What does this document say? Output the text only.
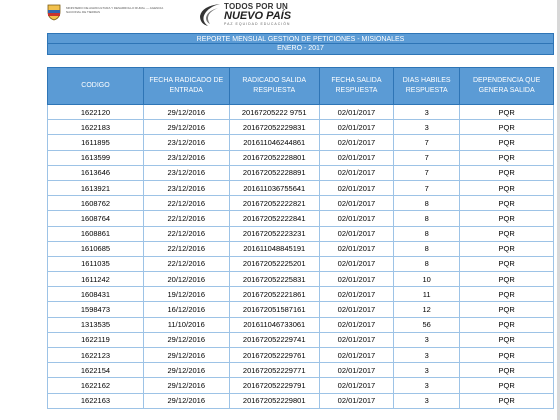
MINISTERIO DE AGRICULTURA Y DESARROLLO RURAL — AGENCIA NACIONAL DE TIERRAS
TODOS POR UN
NUEVO PAÍS
PAZ EQUIDAD EDUCACIÓN
REPORTE MENSUAL GESTION DE PETICIONES - MISIONALES
ENERO - 2017
CODIGO	FECHA RADICADO DE ENTRADA	RADICADO SALIDA RESPUESTA	FECHA SALIDA RESPUESTA	DIAS HABILES RESPUESTA	DEPENDENCIA QUE GENERA SALIDA
1622120	29/12/2016	20167205222 9751	02/01/2017	3	PQR
1622183	29/12/2016	201672052229831	02/01/2017	3	PQR
1611895	23/12/2016	201611046244861	02/01/2017	7	PQR
1613599	23/12/2016	201672052228801	02/01/2017	7	PQR
1613646	23/12/2016	201672052228891	02/01/2017	7	PQR
1613921	23/12/2016	201611036755641	02/01/2017	7	PQR
1608762	22/12/2016	201672052222821	02/01/2017	8	PQR
1608764	22/12/2016	201672052222841	02/01/2017	8	PQR
1608861	22/12/2016	201672052223231	02/01/2017	8	PQR
1610685	22/12/2016	201611048845191	02/01/2017	8	PQR
1611035	22/12/2016	201672052225201	02/01/2017	8	PQR
1611242	20/12/2016	201672052225831	02/01/2017	10	PQR
1608431	19/12/2016	201672052221861	02/01/2017	11	PQR
1598473	16/12/2016	201672051587161	02/01/2017	12	PQR
1313535	11/10/2016	201611046733061	02/01/2017	56	PQR
1622119	29/12/2016	201672052229741	02/01/2017	3	PQR
1622123	29/12/2016	201672052229761	02/01/2017	3	PQR
1622154	29/12/2016	201672052229771	02/01/2017	3	PQR
1622162	29/12/2016	201672052229791	02/01/2017	3	PQR
1622163	29/12/2016	201672052229801	02/01/2017	3	PQR
